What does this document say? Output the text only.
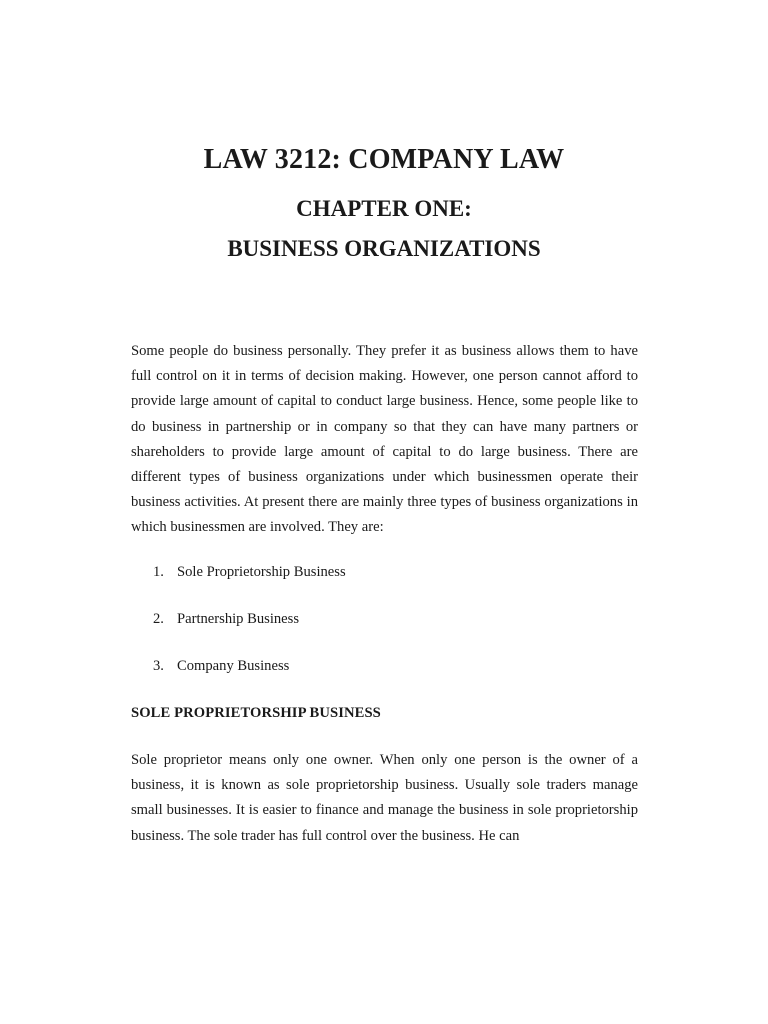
LAW 3212: COMPANY LAW
CHAPTER ONE:
BUSINESS ORGANIZATIONS

Some people do business personally. They prefer it as business allows them to have full control on it in terms of decision making. However, one person cannot afford to provide large amount of capital to conduct large business. Hence, some people like to do business in partnership or in company so that they can have many partners or shareholders to provide large amount of capital to do large business. There are different types of business organizations under which businessmen operate their business activities. At present there are mainly three types of business organizations in which businessmen are involved. They are:

1. Sole Proprietorship Business
2. Partnership Business
3. Company Business
SOLE PROPRIETORSHIP BUSINESS

Sole proprietor means only one owner. When only one person is the owner of a business, it is known as sole proprietorship business. Usually sole traders manage small businesses. It is easier to finance and manage the business in sole proprietorship business. The sole trader has full control over the business. He can
